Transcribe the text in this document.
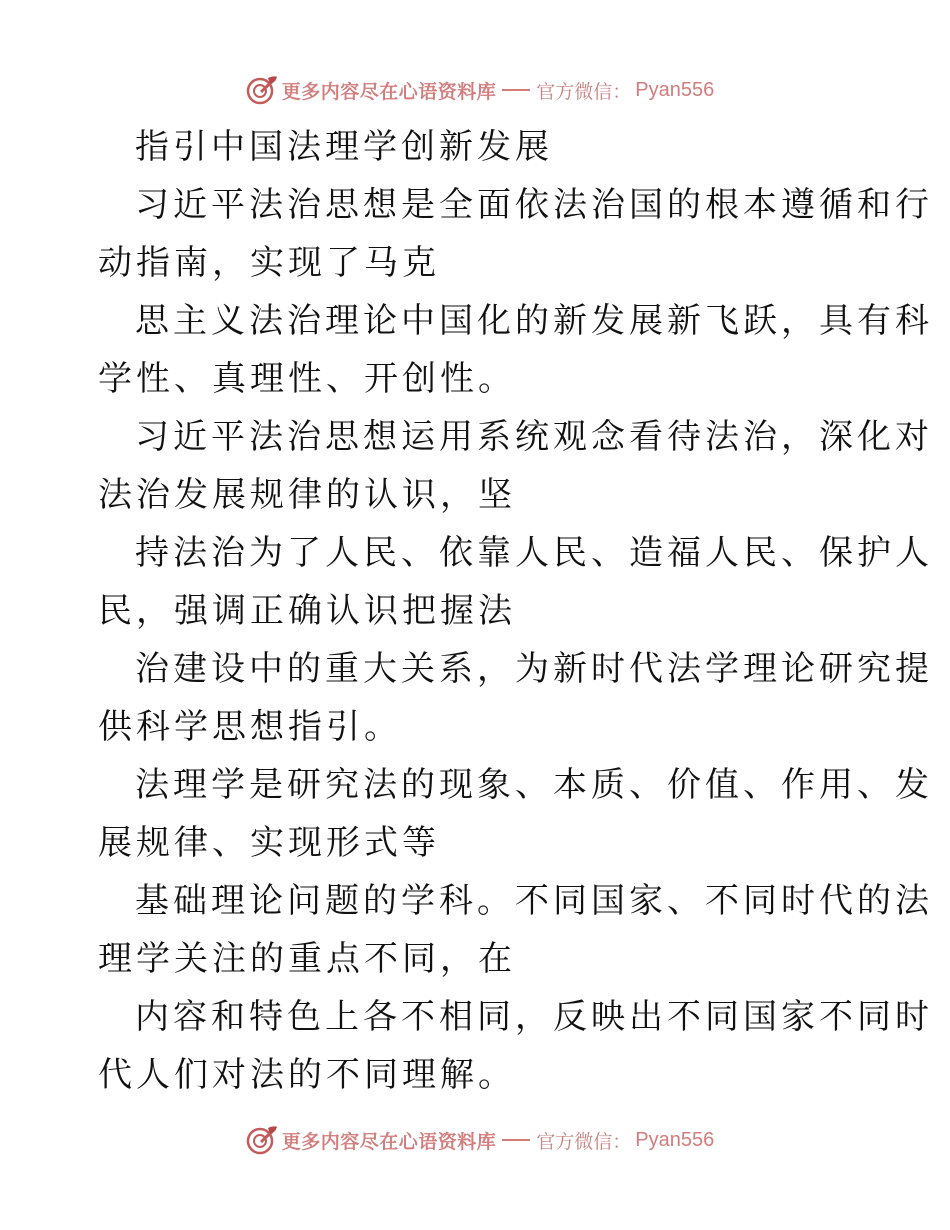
更多内容尽在心语资料库 官方微信： Pyan556
指引中国法理学创新发展
习近平法治思想是全面依法治国的根本遵循和行
动指南，实现了马克
思主义法治理论中国化的新发展新飞跃，具有科
学性、真理性、开创性。
习近平法治思想运用系统观念看待法治，深化对
法治发展规律的认识，坚
持法治为了人民、依靠人民、造福人民、保护人
民，强调正确认识把握法
治建设中的重大关系，为新时代法学理论研究提
供科学思想指引。
法理学是研究法的现象、本质、价值、作用、发
展规律、实现形式等
基础理论问题的学科。不同国家、不同时代的法
理学关注的重点不同，在
内容和特色上各不相同，反映出不同国家不同时
代人们对法的不同理解。
更多内容尽在心语资料库 官方微信： Pyan556
